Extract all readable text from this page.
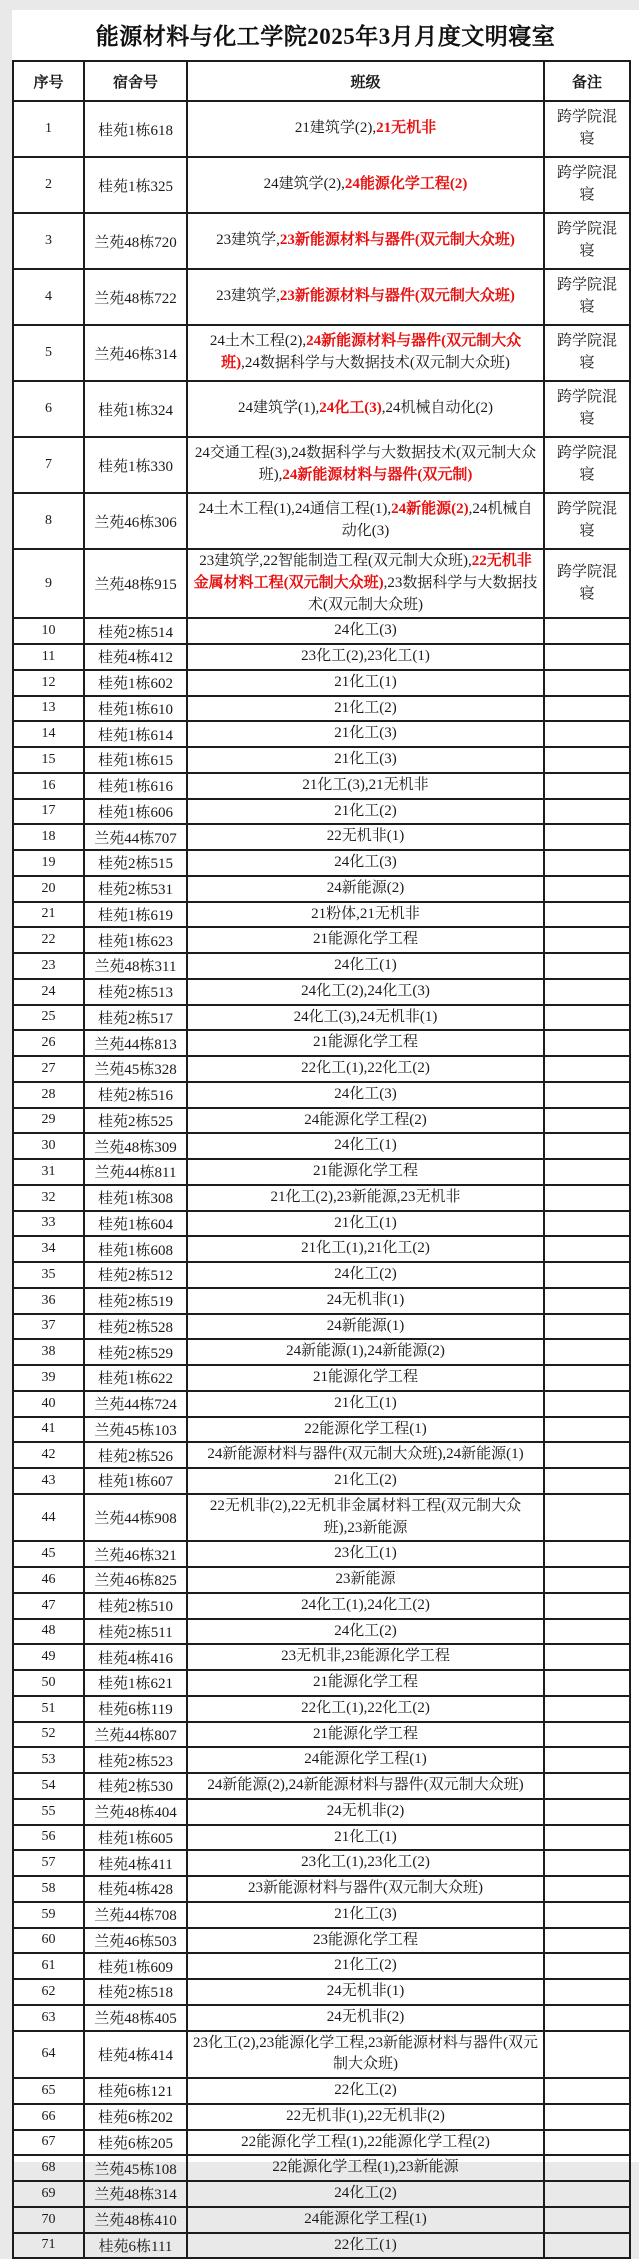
能源材料与化工学院2025年3月月度文明寝室
序号	宿舍号	班级	备注
1	桂苑1栋618	21建筑学(2),21无机非	跨学院混寝
2	桂苑1栋325	24建筑学(2),24能源化学工程(2)	跨学院混寝
3	兰苑48栋720	23建筑学,23新能源材料与器件(双元制大众班)	跨学院混寝
4	兰苑48栋722	23建筑学,23新能源材料与器件(双元制大众班)	跨学院混寝
5	兰苑46栋314	24土木工程(2),24新能源材料与器件(双元制大众班),24数据科学与大数据技术(双元制大众班)	跨学院混寝
6	桂苑1栋324	24建筑学(1),24化工(3),24机械自动化(2)	跨学院混寝
7	桂苑1栋330	24交通工程(3),24数据科学与大数据技术(双元制大众班),24新能源材料与器件(双元制)	跨学院混寝
8	兰苑46栋306	24土木工程(1),24通信工程(1),24新能源(2),24机械自动化(3)	跨学院混寝
9	兰苑48栋915	23建筑学,22智能制造工程(双元制大众班),22无机非金属材料工程(双元制大众班),23数据科学与大数据技术(双元制大众班)	跨学院混寝
10	桂苑2栋514	24化工(3)	
11	桂苑4栋412	23化工(2),23化工(1)	
12	桂苑1栋602	21化工(1)	
13	桂苑1栋610	21化工(2)	
14	桂苑1栋614	21化工(3)	
15	桂苑1栋615	21化工(3)	
16	桂苑1栋616	21化工(3),21无机非	
17	桂苑1栋606	21化工(2)	
18	兰苑44栋707	22无机非(1)	
19	桂苑2栋515	24化工(3)	
20	桂苑2栋531	24新能源(2)	
21	桂苑1栋619	21粉体,21无机非	
22	桂苑1栋623	21能源化学工程	
23	兰苑48栋311	24化工(1)	
24	桂苑2栋513	24化工(2),24化工(3)	
25	桂苑2栋517	24化工(3),24无机非(1)	
26	兰苑44栋813	21能源化学工程	
27	兰苑45栋328	22化工(1),22化工(2)	
28	桂苑2栋516	24化工(3)	
29	桂苑2栋525	24能源化学工程(2)	
30	兰苑48栋309	24化工(1)	
31	兰苑44栋811	21能源化学工程	
32	桂苑1栋308	21化工(2),23新能源,23无机非	
33	桂苑1栋604	21化工(1)	
34	桂苑1栋608	21化工(1),21化工(2)	
35	桂苑2栋512	24化工(2)	
36	桂苑2栋519	24无机非(1)	
37	桂苑2栋528	24新能源(1)	
38	桂苑2栋529	24新能源(1),24新能源(2)	
39	桂苑1栋622	21能源化学工程	
40	兰苑44栋724	21化工(1)	
41	兰苑45栋103	22能源化学工程(1)	
42	桂苑2栋526	24新能源材料与器件(双元制大众班),24新能源(1)	
43	桂苑1栋607	21化工(2)	
44	兰苑44栋908	22无机非(2),22无机非金属材料工程(双元制大众班),23新能源	
45	兰苑46栋321	23化工(1)	
46	兰苑46栋825	23新能源	
47	桂苑2栋510	24化工(1),24化工(2)	
48	桂苑2栋511	24化工(2)	
49	桂苑4栋416	23无机非,23能源化学工程	
50	桂苑1栋621	21能源化学工程	
51	桂苑6栋119	22化工(1),22化工(2)	
52	兰苑44栋807	21能源化学工程	
53	桂苑2栋523	24能源化学工程(1)	
54	桂苑2栋530	24新能源(2),24新能源材料与器件(双元制大众班)	
55	兰苑48栋404	24无机非(2)	
56	桂苑1栋605	21化工(1)	
57	桂苑4栋411	23化工(1),23化工(2)	
58	桂苑4栋428	23新能源材料与器件(双元制大众班)	
59	兰苑44栋708	21化工(3)	
60	兰苑46栋503	23能源化学工程	
61	桂苑1栋609	21化工(2)	
62	桂苑2栋518	24无机非(1)	
63	兰苑48栋405	24无机非(2)	
64	桂苑4栋414	23化工(2),23能源化学工程,23新能源材料与器件(双元制大众班)	
65	桂苑6栋121	22化工(2)	
66	桂苑6栋202	22无机非(1),22无机非(2)	
67	桂苑6栋205	22能源化学工程(1),22能源化学工程(2)	
68	兰苑45栋108	22能源化学工程(1),23新能源	
69	兰苑48栋314	24化工(2)	
70	兰苑48栋410	24能源化学工程(1)	
71	桂苑6栋111	22化工(1)	
